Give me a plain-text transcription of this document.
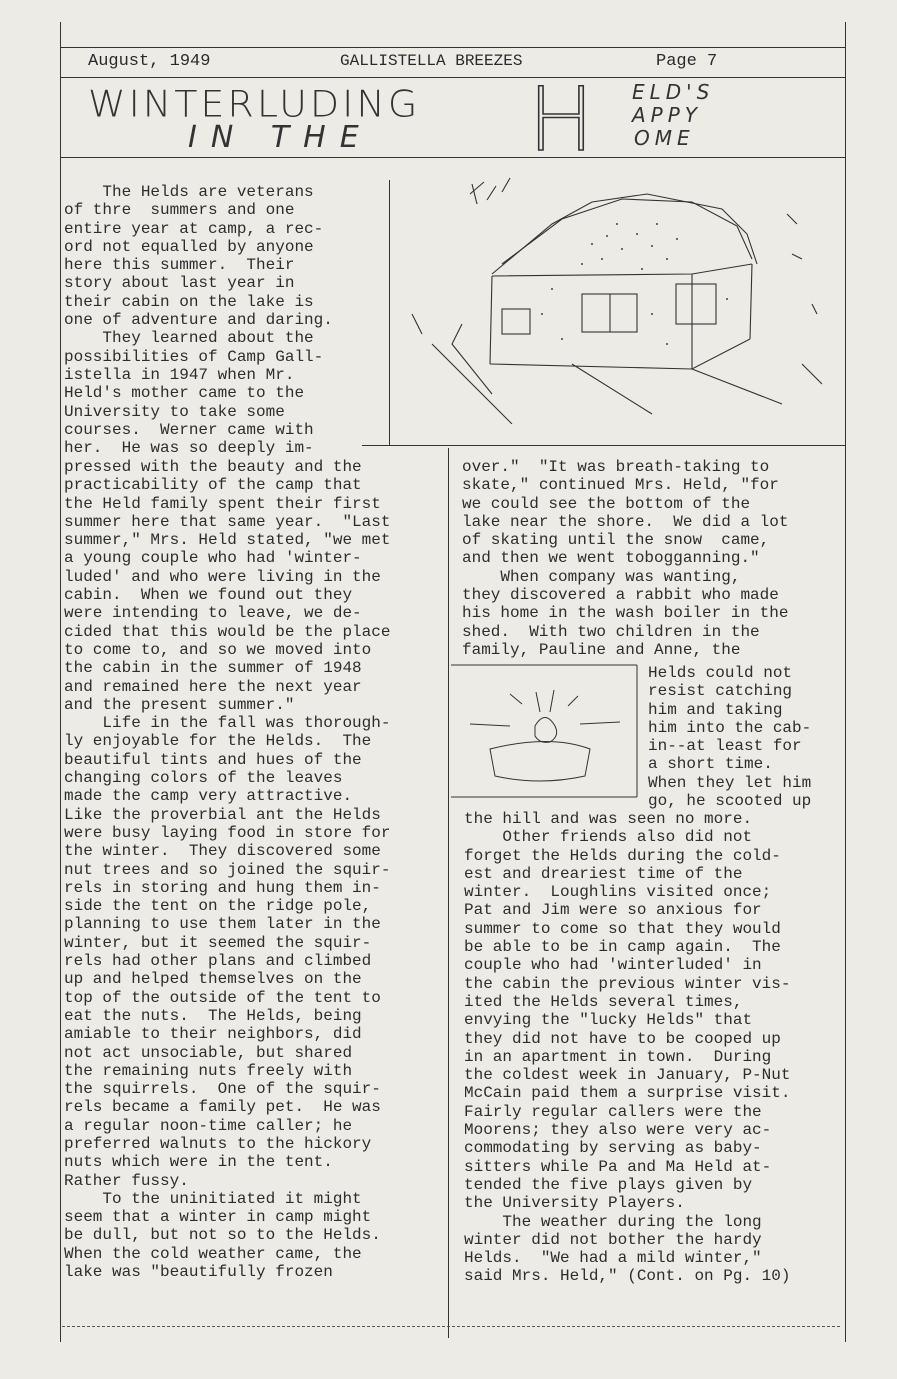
August, 1949	GALLISTELLA BREEZES	Page 7
WINTERLUDING
IN THE H ELD'S
APPY
OME
The Helds are veterans
of thre  summers and one
entire year at camp, a rec-
ord not equalled by anyone
here this summer.  Their
story about last year in
their cabin on the lake is
one of adventure and daring.
They learned about the
possibilities of Camp Gall-
istella in 1947 when Mr.
Held's mother came to the
University to take some
courses.  Werner came with
her.  He was so deeply im-
pressed with the beauty and the
practicability of the camp that
the Held family spent their first
summer here that same year.  "Last
summer," Mrs. Held stated, "we met
a young couple who had 'winter-
luded' and who were living in the
cabin.  When we found out they
were intending to leave, we de-
cided that this would be the place
to come to, and so we moved into
the cabin in the summer of 1948
and remained here the next year
and the present summer."
Life in the fall was thorough-
ly enjoyable for the Helds.  The
beautiful tints and hues of the
changing colors of the leaves
made the camp very attractive.
Like the proverbial ant the Helds
were busy laying food in store for
the winter.  They discovered some
nut trees and so joined the squir-
rels in storing and hung them in-
side the tent on the ridge pole,
planning to use them later in the
winter, but it seemed the squir-
rels had other plans and climbed
up and helped themselves on the
top of the outside of the tent to
eat the nuts.  The Helds, being
amiable to their neighbors, did
not act unsociable, but shared
the remaining nuts freely with
the squirrels.  One of the squir-
rels became a family pet.  He was
a regular noon-time caller; he
preferred walnuts to the hickory
nuts which were in the tent.
Rather fussy.
To the uninitiated it might
seem that a winter in camp might
be dull, but not so to the Helds.
When the cold weather came, the
lake was "beautifully frozen
over."  "It was breath-taking to
skate," continued Mrs. Held, "for
we could see the bottom of the
lake near the shore.  We did a lot
of skating until the snow  came,
and then we went tobogganning."
When company was wanting,
they discovered a rabbit who made
his home in the wash boiler in the
shed.  With two children in the
family, Pauline and Anne, the
Helds could not
resist catching
him and taking
him into the cab-
in--at least for
a short time.
When they let him
go, he scooted up
the hill and was seen no more.
Other friends also did not
forget the Helds during the cold-
est and dreariest time of the
winter.  Loughlins visited once;
Pat and Jim were so anxious for
summer to come so that they would
be able to be in camp again.  The
couple who had 'winterluded' in
the cabin the previous winter vis-
ited the Helds several times,
envying the "lucky Helds" that
they did not have to be cooped up
in an apartment in town.  During
the coldest week in January, P-Nut
McCain paid them a surprise visit.
Fairly regular callers were the
Moorens; they also were very ac-
commodating by serving as baby-
sitters while Pa and Ma Held at-
tended the five plays given by
the University Players.
The weather during the long
winter did not bother the hardy
Helds.  "We had a mild winter,"
said Mrs. Held," (Cont. on Pg. 10)
